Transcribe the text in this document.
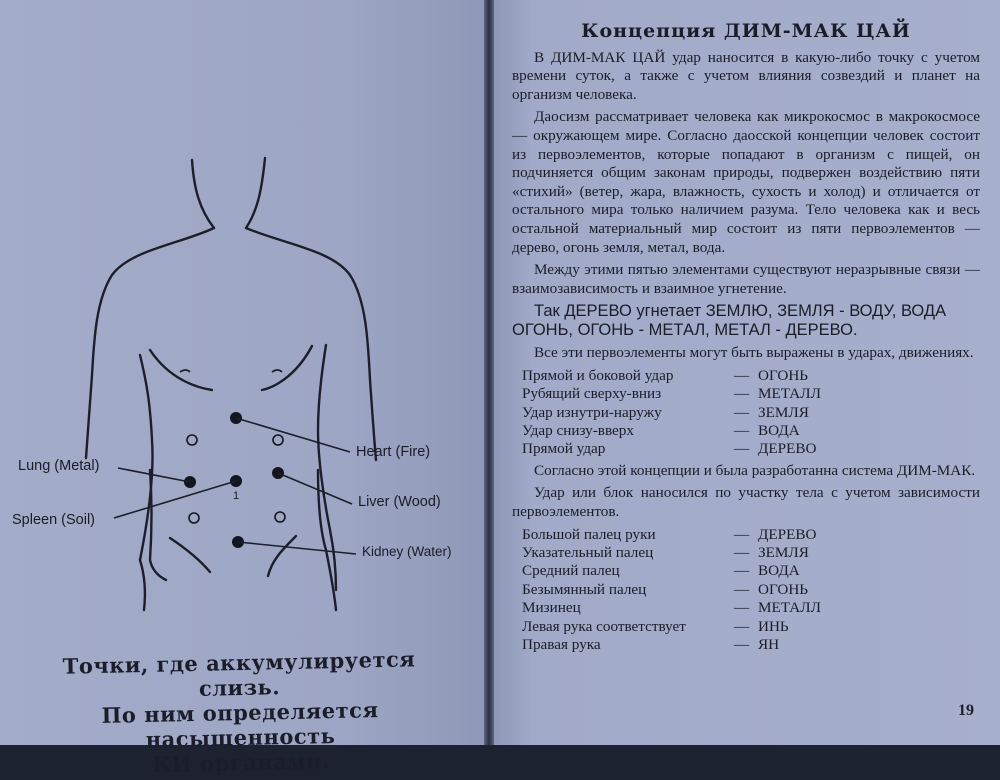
Heart (Fire)
Lung (Metal)
Liver (Wood)
Spleen (Soil)
Kidney (Water)
1
Точки, где аккумулируется слизь.
По ним определяется насыщенность
КИ органами.
Концепция ДИМ-МАК ЦАЙ

В ДИМ-МАК ЦАЙ удар наносится в какую-либо точку с учетом времени суток, а также с учетом влияния созвездий и планет на организм человека.

Даосизм рассматривает человека как микрокосмос в макрокосмосе — окружающем мире. Согласно даосской концепции человек состоит из первоэлементов, которые попадают в организм с пищей, он подчиняется общим законам природы, подвержен воздействию пяти «стихий» (ветер, жара, влажность, сухость и холод) и отличается от остального мира только наличием разума. Тело человека как и весь остальной материальный мир состоит из пяти первоэлементов — дерево, огонь земля, метал, вода.

Между этими пятью элементами существуют неразрывные связи — взаимозависимость и взаимное угнетение.

Так ДЕРЕВО угнетает ЗЕМЛЮ, ЗЕМЛЯ - ВОДУ, ВОДА ОГОНЬ, ОГОНЬ - МЕТАЛ, МЕТАЛ - ДЕРЕВО.

Все эти первоэлементы могут быть выражены в ударах, движениях.

Прямой и боковой удар	— ОГОНЬ
Рубящий сверху-вниз	— МЕТАЛЛ
Удар изнутри-наружу	— ЗЕМЛЯ
Удар снизу-вверх	— ВОДА
Прямой удар	— ДЕРЕВО

Согласно этой концепции и была разработанна система ДИМ-МАК.

Удар или блок наносился по участку тела с учетом зависимости первоэлементов.

Большой палец руки	— ДЕРЕВО
Указательный палец	— ЗЕМЛЯ
Средний палец	— ВОДА
Безымянный палец	— ОГОНЬ
Мизинец	— МЕТАЛЛ
Левая рука соответствует	— ИНЬ
Правая рука	— ЯН
19
